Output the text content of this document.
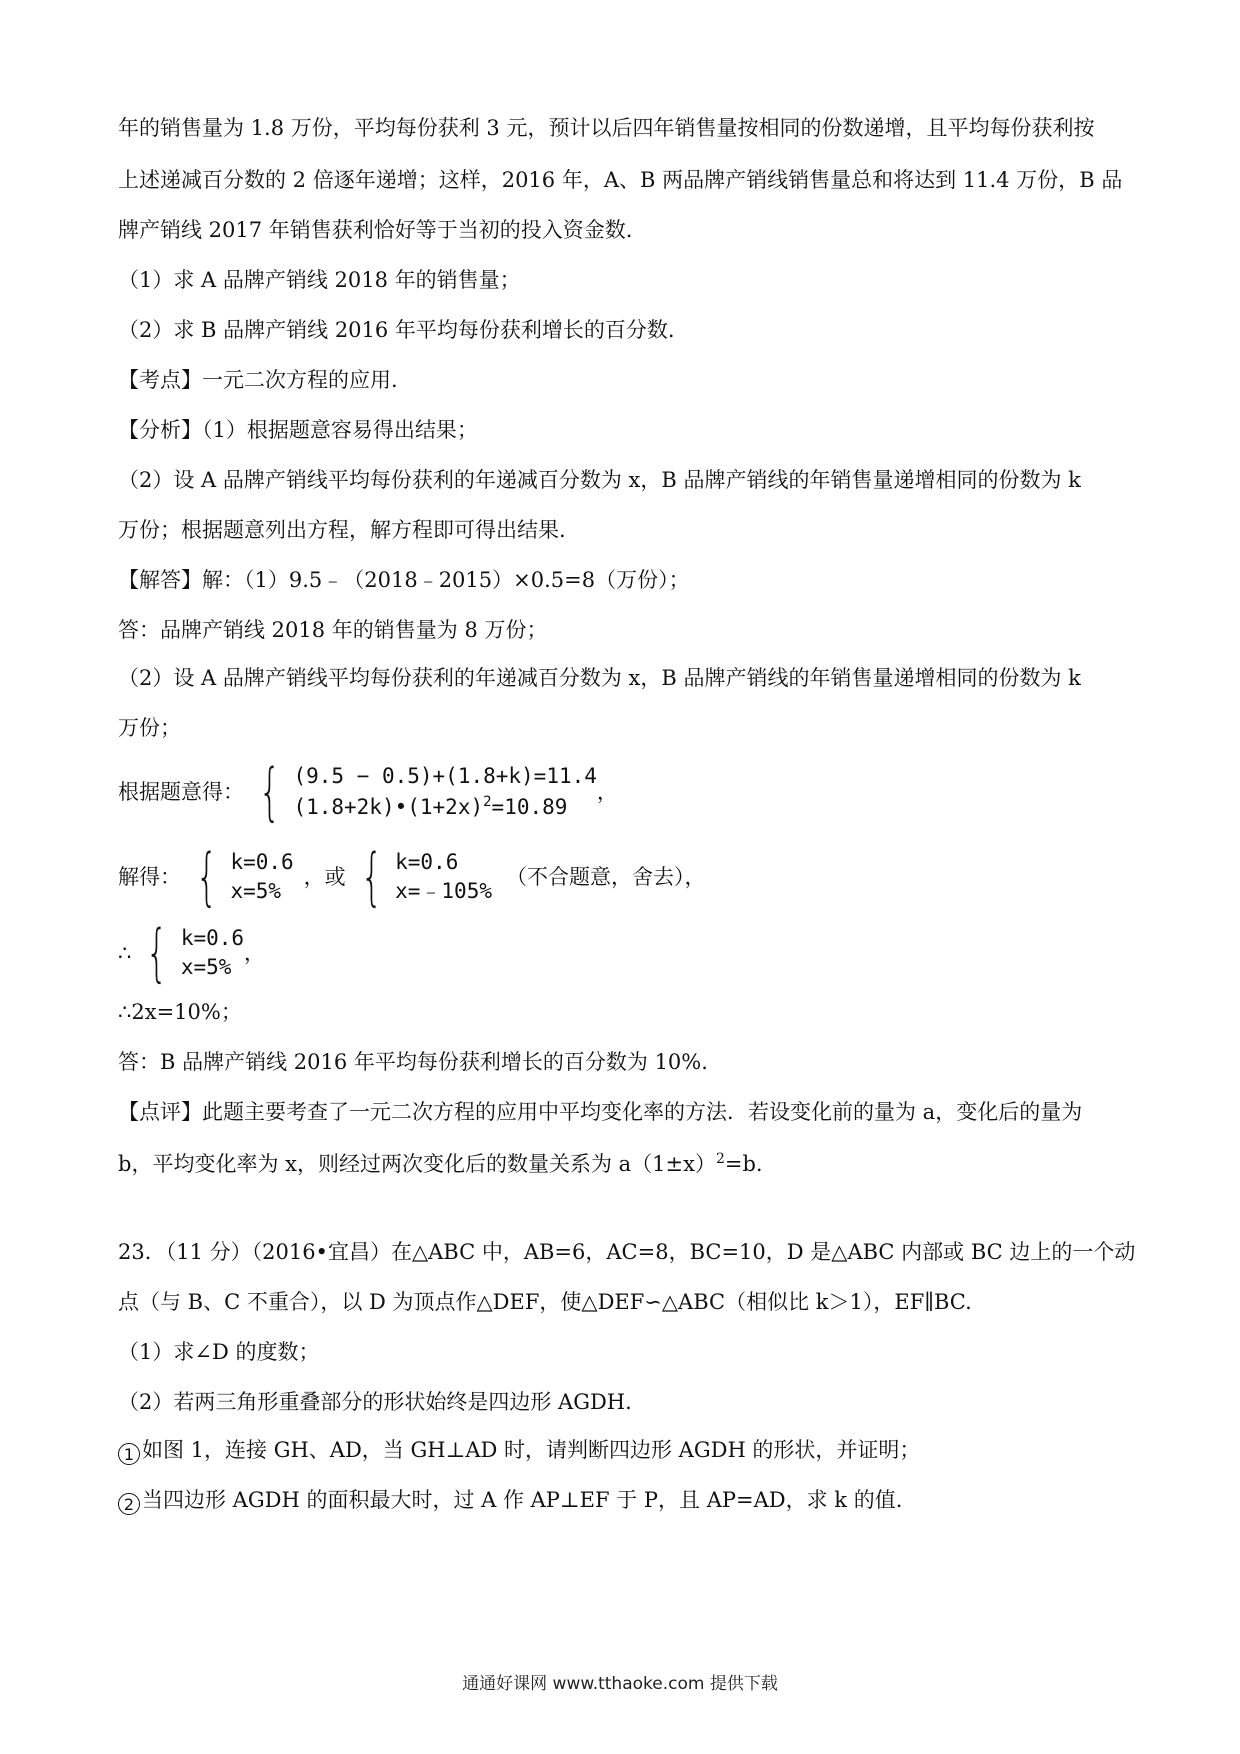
年的销售量为 1.8 万份，平均每份获利 3 元，预计以后四年销售量按相同的份数递增，且平均每份获利按
上述递减百分数的 2 倍逐年递增；这样，2016 年，A、B 两品牌产销线销售量总和将达到 11.4 万份，B 品
牌产销线 2017 年销售获利恰好等于当初的投入资金数.
（1）求 A 品牌产销线 2018 年的销售量；
（2）求 B 品牌产销线 2016 年平均每份获利增长的百分数.
【考点】一元二次方程的应用.
【分析】（1）根据题意容易得出结果；
（2）设 A 品牌产销线平均每份获利的年递减百分数为 x，B 品牌产销线的年销售量递增相同的份数为 k
万份；根据题意列出方程，解方程即可得出结果.
【解答】解：（1）9.5﹣（2018﹣2015）×0.5=8（万份）；
答：品牌产销线 2018 年的销售量为 8 万份；
（2）设 A 品牌产销线平均每份获利的年递减百分数为 x，B 品牌产销线的年销售量递增相同的份数为 k
万份；
根据题意得： { (9.5 − 0.5)+(1.8+k)=11.4
$(1.8+2k)•(1+2x)^2=10.89$
，
解得： { k=0.6
x=5%
，或 { k=0.6
x=﹣105%
（不合题意，舍去），
∴ { k=0.6
x=5%
，
∴2x=10%；
答：B 品牌产销线 2016 年平均每份获利增长的百分数为 10%.
【点评】此题主要考查了一元二次方程的应用中平均变化率的方法．若设变化前的量为 a，变化后的量为
b，平均变化率为 x，则经过两次变化后的数量关系为 $a(1\pm x)^2=b$.
23．（11 分）（2016•宜昌）在△ABC 中，AB=6，AC=8，BC=10，D 是△ABC 内部或 BC 边上的一个动
点（与 B、C 不重合），以 D 为顶点作△DEF，使△DEF∽△ABC（相似比 k＞1），EF∥BC.
（1）求∠D 的度数；
（2）若两三角形重叠部分的形状始终是四边形 AGDH.
1 如图 1，连接 GH、AD，当 GH⊥AD 时，请判断四边形 AGDH 的形状，并证明；
2 当四边形 AGDH 的面积最大时，过 A 作 AP⊥EF 于 P，且 AP=AD，求 k 的值.
通通好课网 www.tthaoke.com 提供下载
